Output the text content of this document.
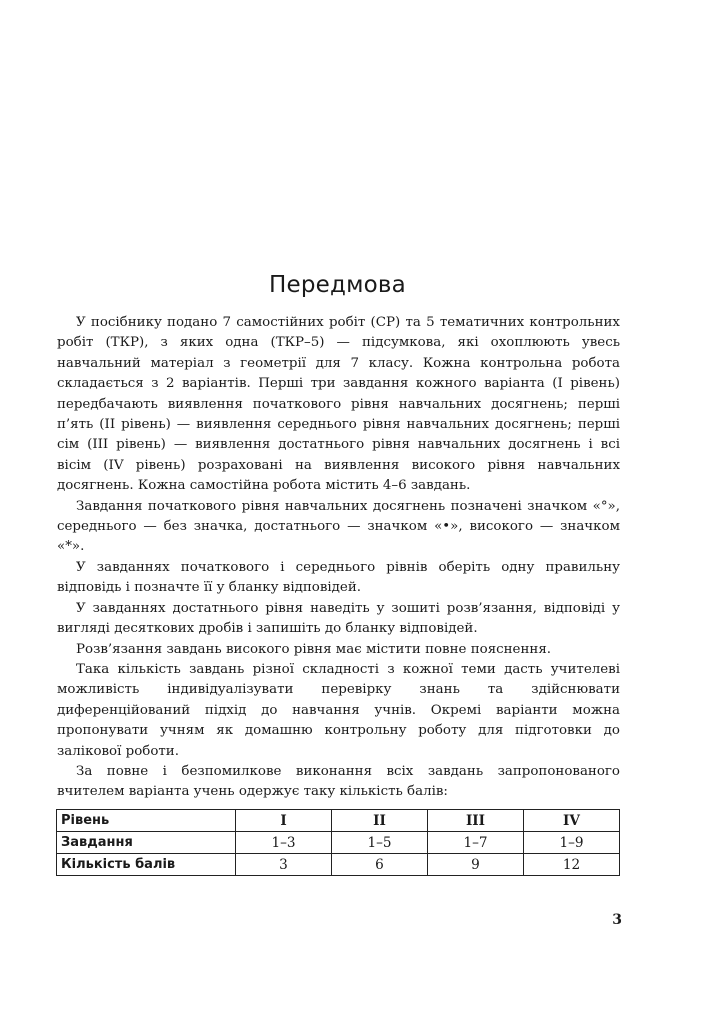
Передмова

У посібнику подано 7 самостійних робіт (СР) та 5 тематичних контрольних робіт (ТКР), з яких одна (ТКР–5) — підсумкова, які охоплюють увесь навчальний матеріал з геометрії для 7 класу. Кожна контрольна робота складається з 2 варіантів. Перші три завдання кожного варіанта (І рівень) передбачають виявлення початкового рівня навчальних досягнень; перші п’ять (ІІ рівень) — виявлення середнього рівня навчальних досягнень; перші сім (ІІІ рівень) — виявлення достатнього рівня навчальних досягнень і всі вісім (IV рівень) розраховані на виявлення високого рівня навчальних досягнень. Кожна самостійна робота містить 4–6 завдань.

Завдання початкового рівня навчальних досягнень позначені значком «°», середнього — без значка, достатнього — значком «•», високого — значком «*».

У завданнях початкового і середнього рівнів оберіть одну правильну відповідь і позначте її у бланку відповідей.

У завданнях достатнього рівня наведіть у зошиті розв’язання, відповіді у вигляді десяткових дробів і запишіть до бланку відповідей.

Розв’язання завдань високого рівня має містити повне пояснення.

Така кількість завдань різної складності з кожної теми дасть учителеві можливість індивідуалізувати перевірку знань та здійснювати диференційований підхід до навчання учнів. Окремі варіанти можна пропонувати учням як домашню контрольну роботу для підготовки до залікової роботи.

За повне і безпомилкове виконання всіх завдань запропонованого вчителем варіанта учень одержує таку кількість балів:

Рівень	I	II	III	IV
Завдання	1–3	1–5	1–7	1–9
Кількість балів	3	6	9	12
3
